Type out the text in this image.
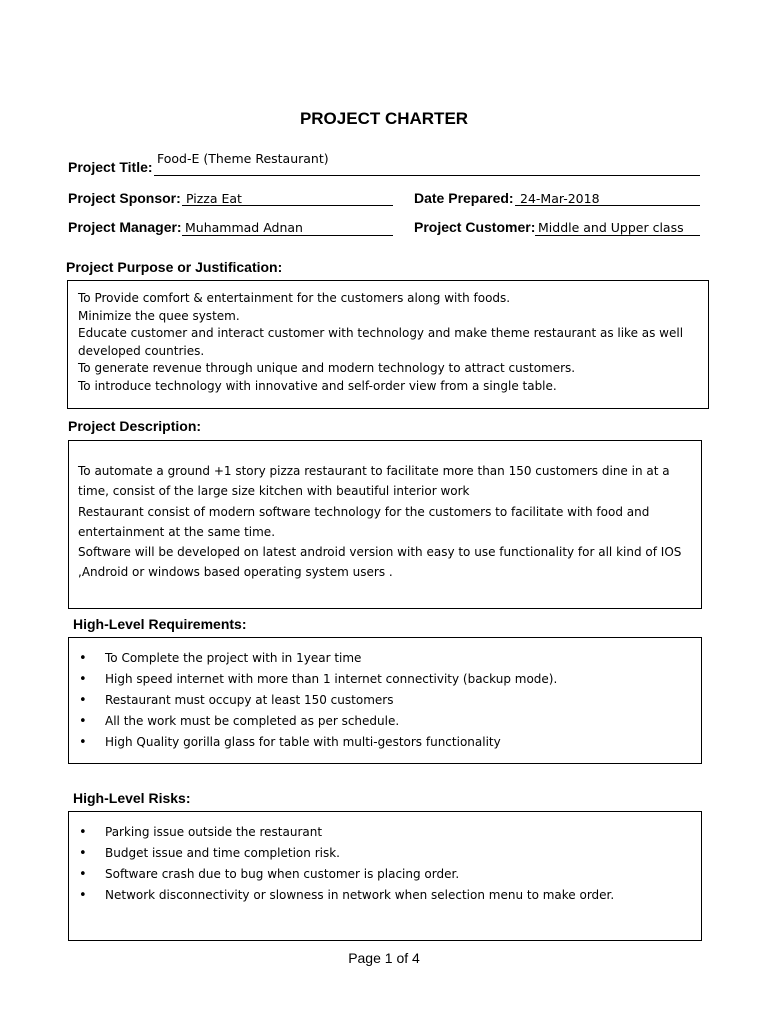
PROJECT CHARTER
Project Title:
Food-E (Theme Restaurant)
Project Sponsor: Pizza Eat	Date Prepared: 24-Mar-2018
Project Manager: Muhammad Adnan	Project Customer: Middle and Upper class
Project Purpose or Justification:

To Provide comfort & entertainment for the customers along with foods.

Minimize the quee system.

Educate customer and interact customer with technology and make theme restaurant as like as well developed countries.

To generate revenue through unique and modern technology to attract customers.

To introduce technology with innovative and self-order view from a single table.

Project Description:

To automate a ground +1 story pizza restaurant to facilitate more than 150 customers dine in at a time, consist of the large size kitchen with beautiful interior work

Restaurant consist of modern software technology for the customers to facilitate with food and entertainment at the same time.

Software will be developed on latest android version with easy to use functionality for all kind of IOS ,Android or windows based operating system users .

High-Level Requirements:
• To Complete the project with in 1year time
• High speed internet with more than 1 internet connectivity (backup mode).
• Restaurant must occupy at least 150 customers
• All the work must be completed as per schedule.
• High Quality gorilla glass for table with multi-gestors functionality
High-Level Risks:
• Parking issue outside the restaurant
• Budget issue and time completion risk.
• Software crash due to bug when customer is placing order.
• Network disconnectivity or slowness in network when selection menu to make order.
Page 1 of 4
